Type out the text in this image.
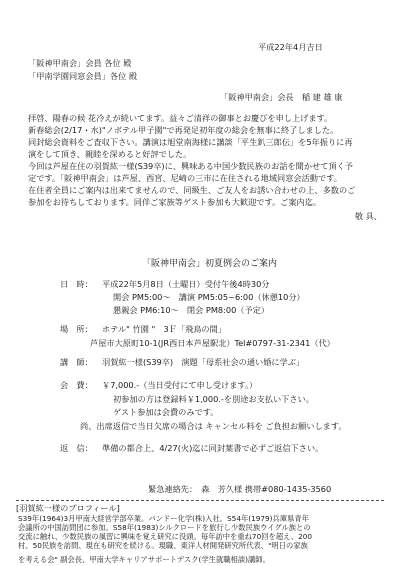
平成22年4月吉日
「阪神甲南会」会員 各位 殿
「甲南学園同窓会員」各位 殿
「阪神甲南会」会長　稲 建 雄 康
拝啓、陽春の候 花冷えが続いてます。益々ご清祥の御事とお慶びを申し上げます。
新春総会(2/17・水)"ノボテル甲子園"で再発足初年度の総会を無事に終了しました。
同封総会資料をご査収下さい。講演は旭堂南海様に講談「平生釟三郎伝」を5年振りに再
演をして頂き、親睦を深めると好評でした。
今回は芦屋在住の羽賀紘一様(S39卒)に、興味ある中国少数民族のお話を聞かせて頂く予
定です。「阪神甲南会」は芦屋、西宮、尼崎の三市に在住される地域同窓会活動です。
在住者全員にご案内は出来てませんので、同級生、ご友人をお誘い合わせの上、多数のご
参加をお待ちしております。同伴ご家族等ゲスト参加も大歓迎です。ご案内迄。
敬 具、
「阪神甲南会」初夏例会のご案内
日　時： 平成22年5月8日（土曜日）受付午後4時30分
開会 PM5:00～　講演 PM5:05~6:00（休憩10分）
懇親会 PM6:10～　閉会 PM8:00（予定）
場　所： ホテル" 竹園 "　3Ｆ「飛鳥の間」
芦屋市大原町10-1(JR西日本芦屋駅北）Tel#0797-31-2341（代）
講　師： 羽賀紘一様(S39卒)　演題「母系社会の通い婚に学ぶ」
会　費： ￥7,000.-（当日受付にて申し受けます。）
初参加の方は登録料￥1,000.-を別途お支払い下さい。
ゲスト参加は会費のみです。
尚、出席返信で当日欠席の場合は キャンセル料を ご負担お願いします。
返　信： 準備の都合上、4/27(火)迄に同封葉書で必ずご返信下さい。
緊急連絡先：　森　芳久様 携帯#080-1435-3560
[羽賀紘一様のプロフィール]
S39年(1964)3月甲南大経営学部卒業。バンドー化学(株)入社。S54年(1979)兵庫県青年
会議所の中国訪問団に参加。S58年(1983)シルクロードを旅行し少数民族ウイグル族との
交流に触れ、少数民族の風習に興味を覚え研究に没頭。毎年訪中を重ね70回を超え、200
村、50民族を訪問、現在も研究を続ける。現職、東洋人材開発研究所代表、"明日の家族
を考える会" 副会長、甲南大学キャリアサポートデスク(学生就職相談)講師。
